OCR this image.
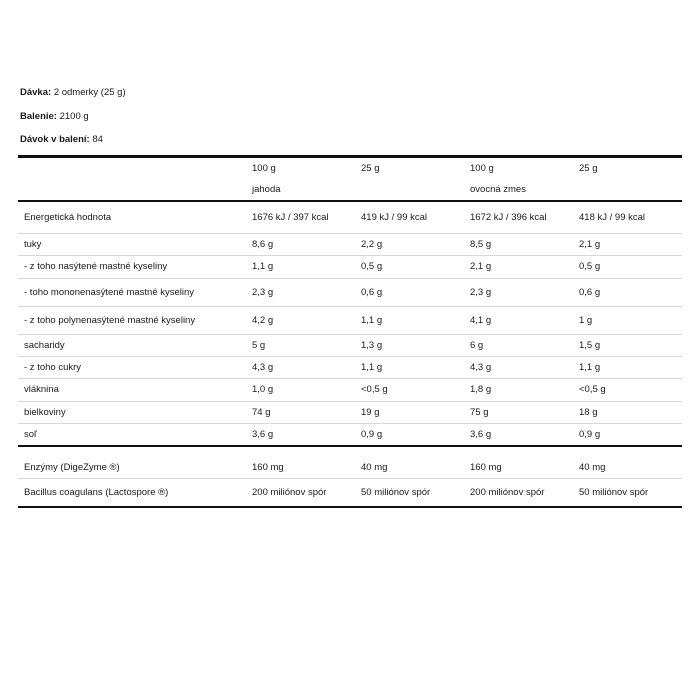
Dávka: 2 odmerky (25 g)
Balenie: 2100 g
Dávok v balení: 84
	100 g	25 g	100 g	25 g
	jahoda		ovocná zmes	
Energetická hodnota	1676 kJ / 397 kcal	419 kJ / 99 kcal	1672 kJ / 396 kcal	418 kJ / 99 kcal
tuky	8,6 g	2,2 g	8,5 g	2,1 g
- z toho nasýtené mastné kyseliny	1,1 g	0,5 g	2,1 g	0,5 g
- toho mononenasýtené mastné kyseliny	2,3 g	0,6 g	2,3 g	0,6 g
- z toho polynenasýtené mastné kyseliny	4,2 g	1,1 g	4,1 g	1 g
sacharidy	5 g	1,3 g	6 g	1,5 g
- z toho cukry	4,3 g	1,1 g	4,3 g	1,1 g
vláknina	1,0 g	<0,5 g	1,8 g	<0,5 g
bielkoviny	74 g	19 g	75 g	18 g
soľ	3,6 g	0,9 g	3,6 g	0,9 g

Enzýmy (DigeZyme ®)	160 mg	40 mg	160 mg	40 mg
Bacillus coagulans (Lactospore ®)	200 miliónov spór	50 miliónov spór	200 miliónov spór	50 miliónov spór
